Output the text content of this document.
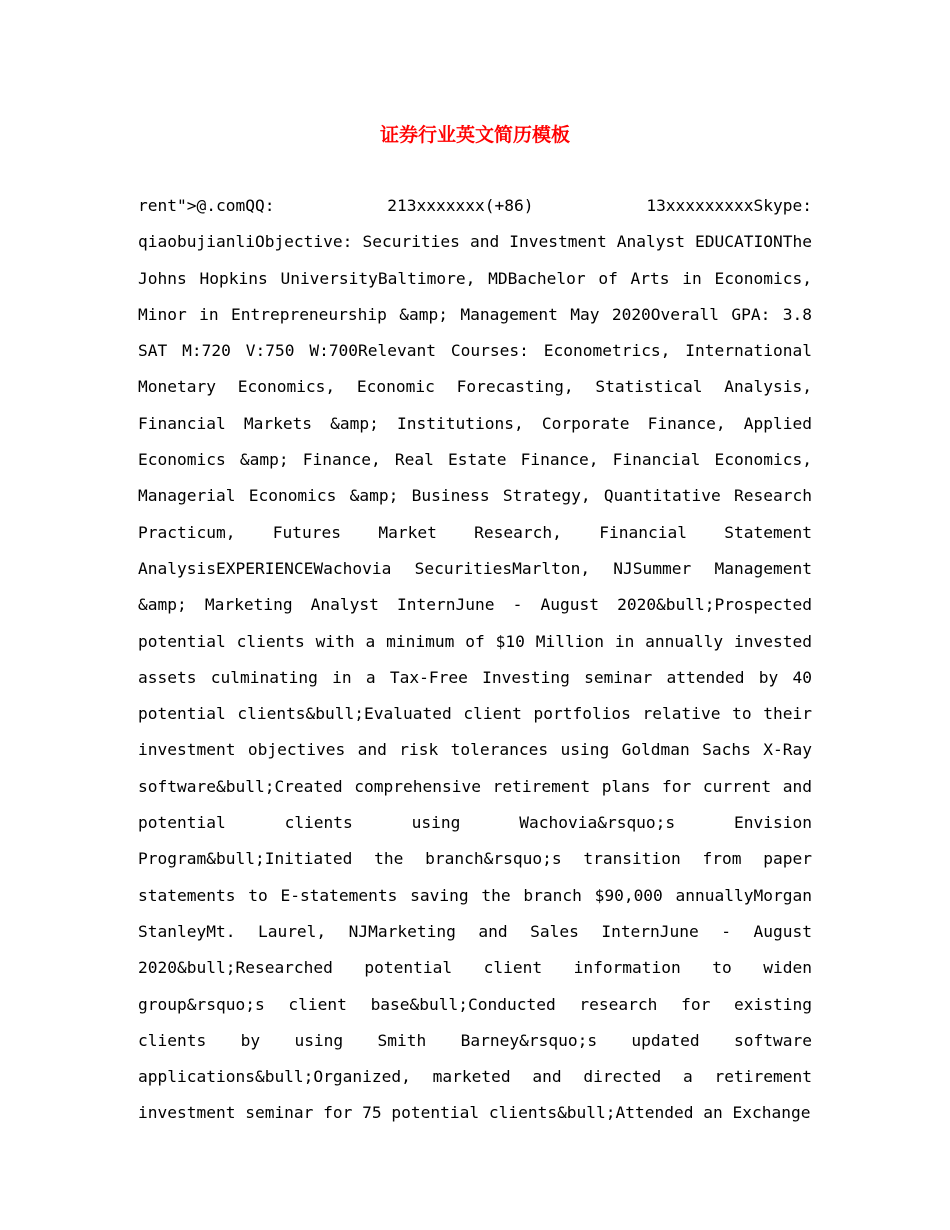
证券行业英文简历模板
rent">@.comQQ: 213xxxxxxx(+86) 13xxxxxxxxxSkype: qiaobujianliObjective: Securities and Investment Analyst EDUCATIONThe Johns Hopkins UniversityBaltimore, MDBachelor of Arts in Economics, Minor in Entrepreneurship &amp; Management May 2020Overall GPA: 3.8 SAT M:720 V:750 W:700Relevant Courses: Econometrics, International Monetary Economics, Economic Forecasting, Statistical Analysis, Financial Markets &amp; Institutions, Corporate Finance, Applied Economics &amp; Finance, Real Estate Finance, Financial Economics, Managerial Economics &amp; Business Strategy, Quantitative Research Practicum, Futures Market Research, Financial Statement AnalysisEXPERIENCEWachovia SecuritiesMarlton, NJSummer Management &amp; Marketing Analyst InternJune - August 2020&bull;Prospected potential clients with a minimum of $10 Million in annually invested assets culminating in a Tax-Free Investing seminar attended by 40 potential clients&bull;Evaluated client portfolios relative to their investment objectives and risk tolerances using Goldman Sachs X-Ray software&bull;Created comprehensive retirement plans for current and potential clients using Wachovia&rsquo;s Envision Program&bull;Initiated the branch&rsquo;s transition from paper statements to E-statements saving the branch $90,000 annuallyMorgan StanleyMt. Laurel, NJMarketing and Sales InternJune - August 2020&bull;Researched potential client information to widen group&rsquo;s client base&bull;Conducted research for existing clients by using Smith Barney&rsquo;s updated software applications&bull;Organized, marketed and directed a retirement investment seminar for 75 potential clients&bull;Attended an Exchange
